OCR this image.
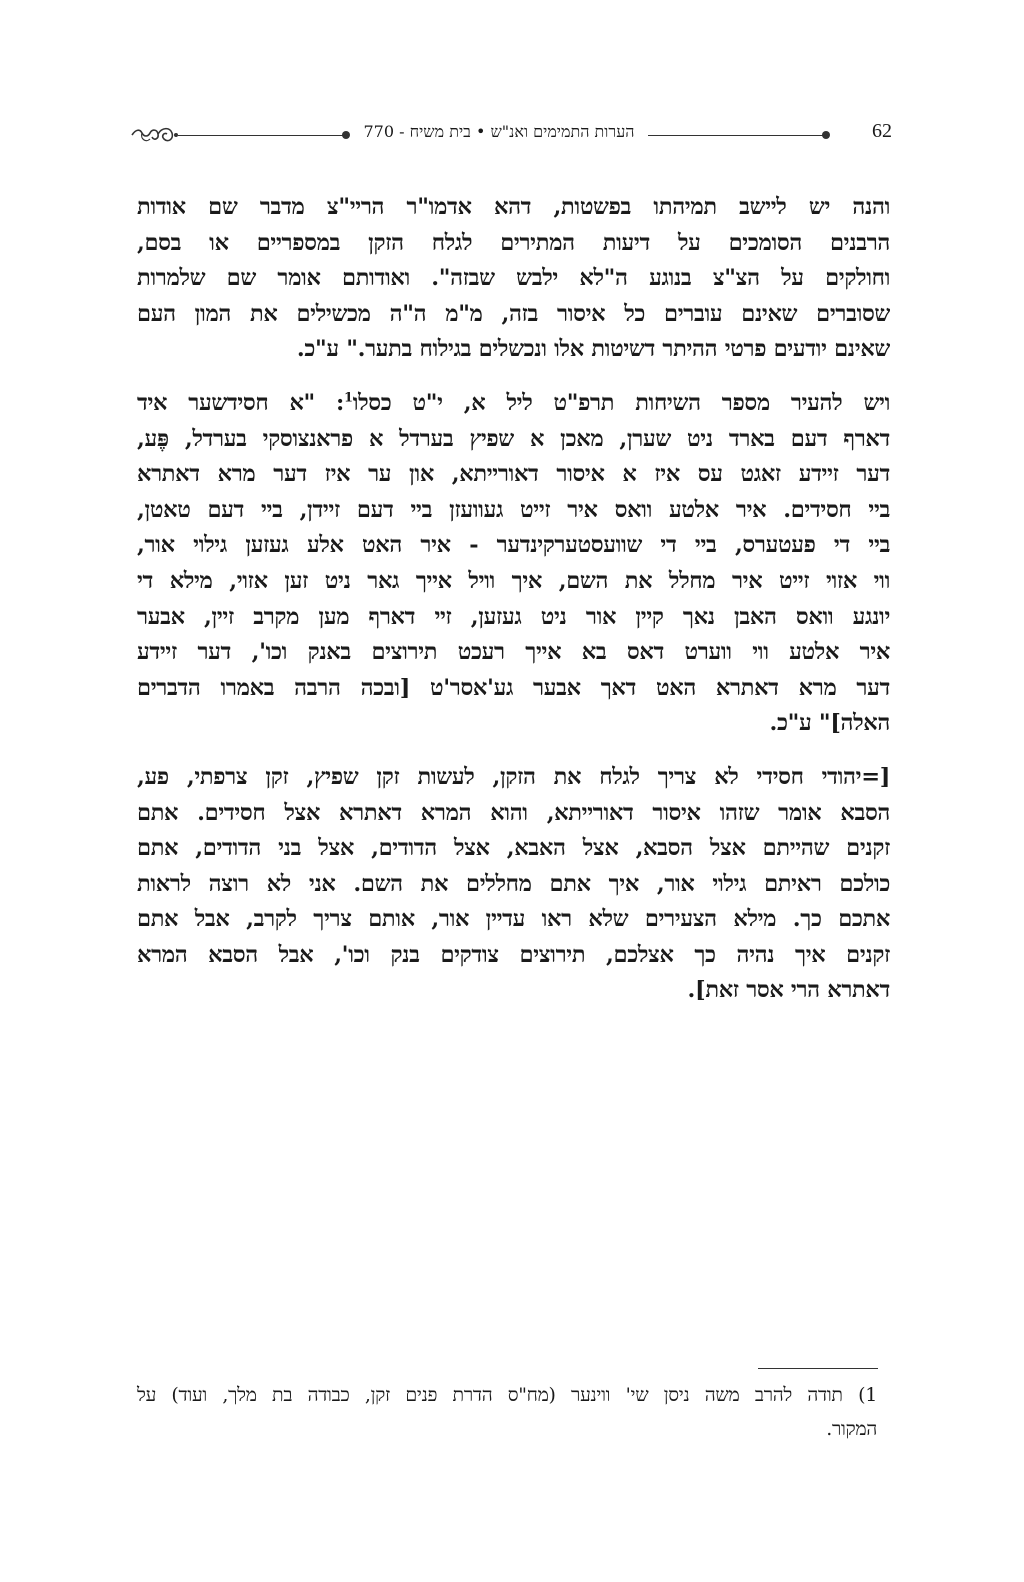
הערות התמימים ואנ"ש • בית משיח - 770	62

והנה יש ליישב תמיהתו בפשטות, דהא אדמו"ר הריי"צ מדבר שם אודות
הרבנים הסומכים על דיעות המתירים לגלח הזקן במספריים או בסם,
וחולקים על הצ"צ בנוגע ה"לא ילבש שבזה". ואודותם אומר שם שלמרות
שסוברים שאינם עוברים כל איסור בזה, מ"מ ה"ה מכשילים את המון העם
שאינם יודעים פרטי ההיתר דשיטות אלו ונכשלים בגילוח בתער." ע"כ.

ויש להעיר מספר השיחות תרפ"ט ליל א, י"ט כסלו$^1$: "א חסידשער איד
דארף דעם בארד ניט שערן, מאכן א שפיץ בערדל א פראנצוסקי בערדל, פֶּע,
דער זיידע זאגט עס איז א איסור דאורייתא, און ער איז דער מרא דאתרא
ביי חסידים. איר אלטע וואס איר זייט געוועזן ביי דעם זיידן, ביי דעם טאטן,
ביי די פעטערס, ביי די שוועסטערקינדער - איר האט אלע געזען גילוי אור,
ווי אזוי זייט איר מחלל את השם, איך וויל אייך גאר ניט זען אזוי, מילא די
יונגע וואס האבן נאך קיין אור ניט געזען, זיי דארף מען מקרב זיין, אבער
איר אלטע ווי ווערט דאס בא אייך רעכט תירוצים באנק וכו', דער זיידע
דער מרא דאתרא האט דאך אבער גע'אסר'ט [ובכה הרבה באמרו הדברים
האלה]" ע"כ.

[=יהודי חסידי לא צריך לגלח את הזקן, לעשות זקן שפיץ, זקן צרפתי, פע,
הסבא אומר שזהו איסור דאורייתא, והוא המרא דאתרא אצל חסידים. אתם
זקנים שהייתם אצל הסבא, אצל האבא, אצל הדודים, אצל בני הדודים, אתם
כולכם ראיתם גילוי אור, איך אתם מחללים את השם. אני לא רוצה לראות
אתכם כך. מילא הצעירים שלא ראו עדיין אור, אותם צריך לקרב, אבל אתם
זקנים איך נהיה כך אצלכם, תירוצים צודקים בנק וכו', אבל הסבא המרא
דאתרא הרי אסר זאת].

1) תודה להרב משה ניסן שי' ווינער (מח"ס הדרת פנים זקן, כבודה בת מלך, ועוד) על
המקור.
